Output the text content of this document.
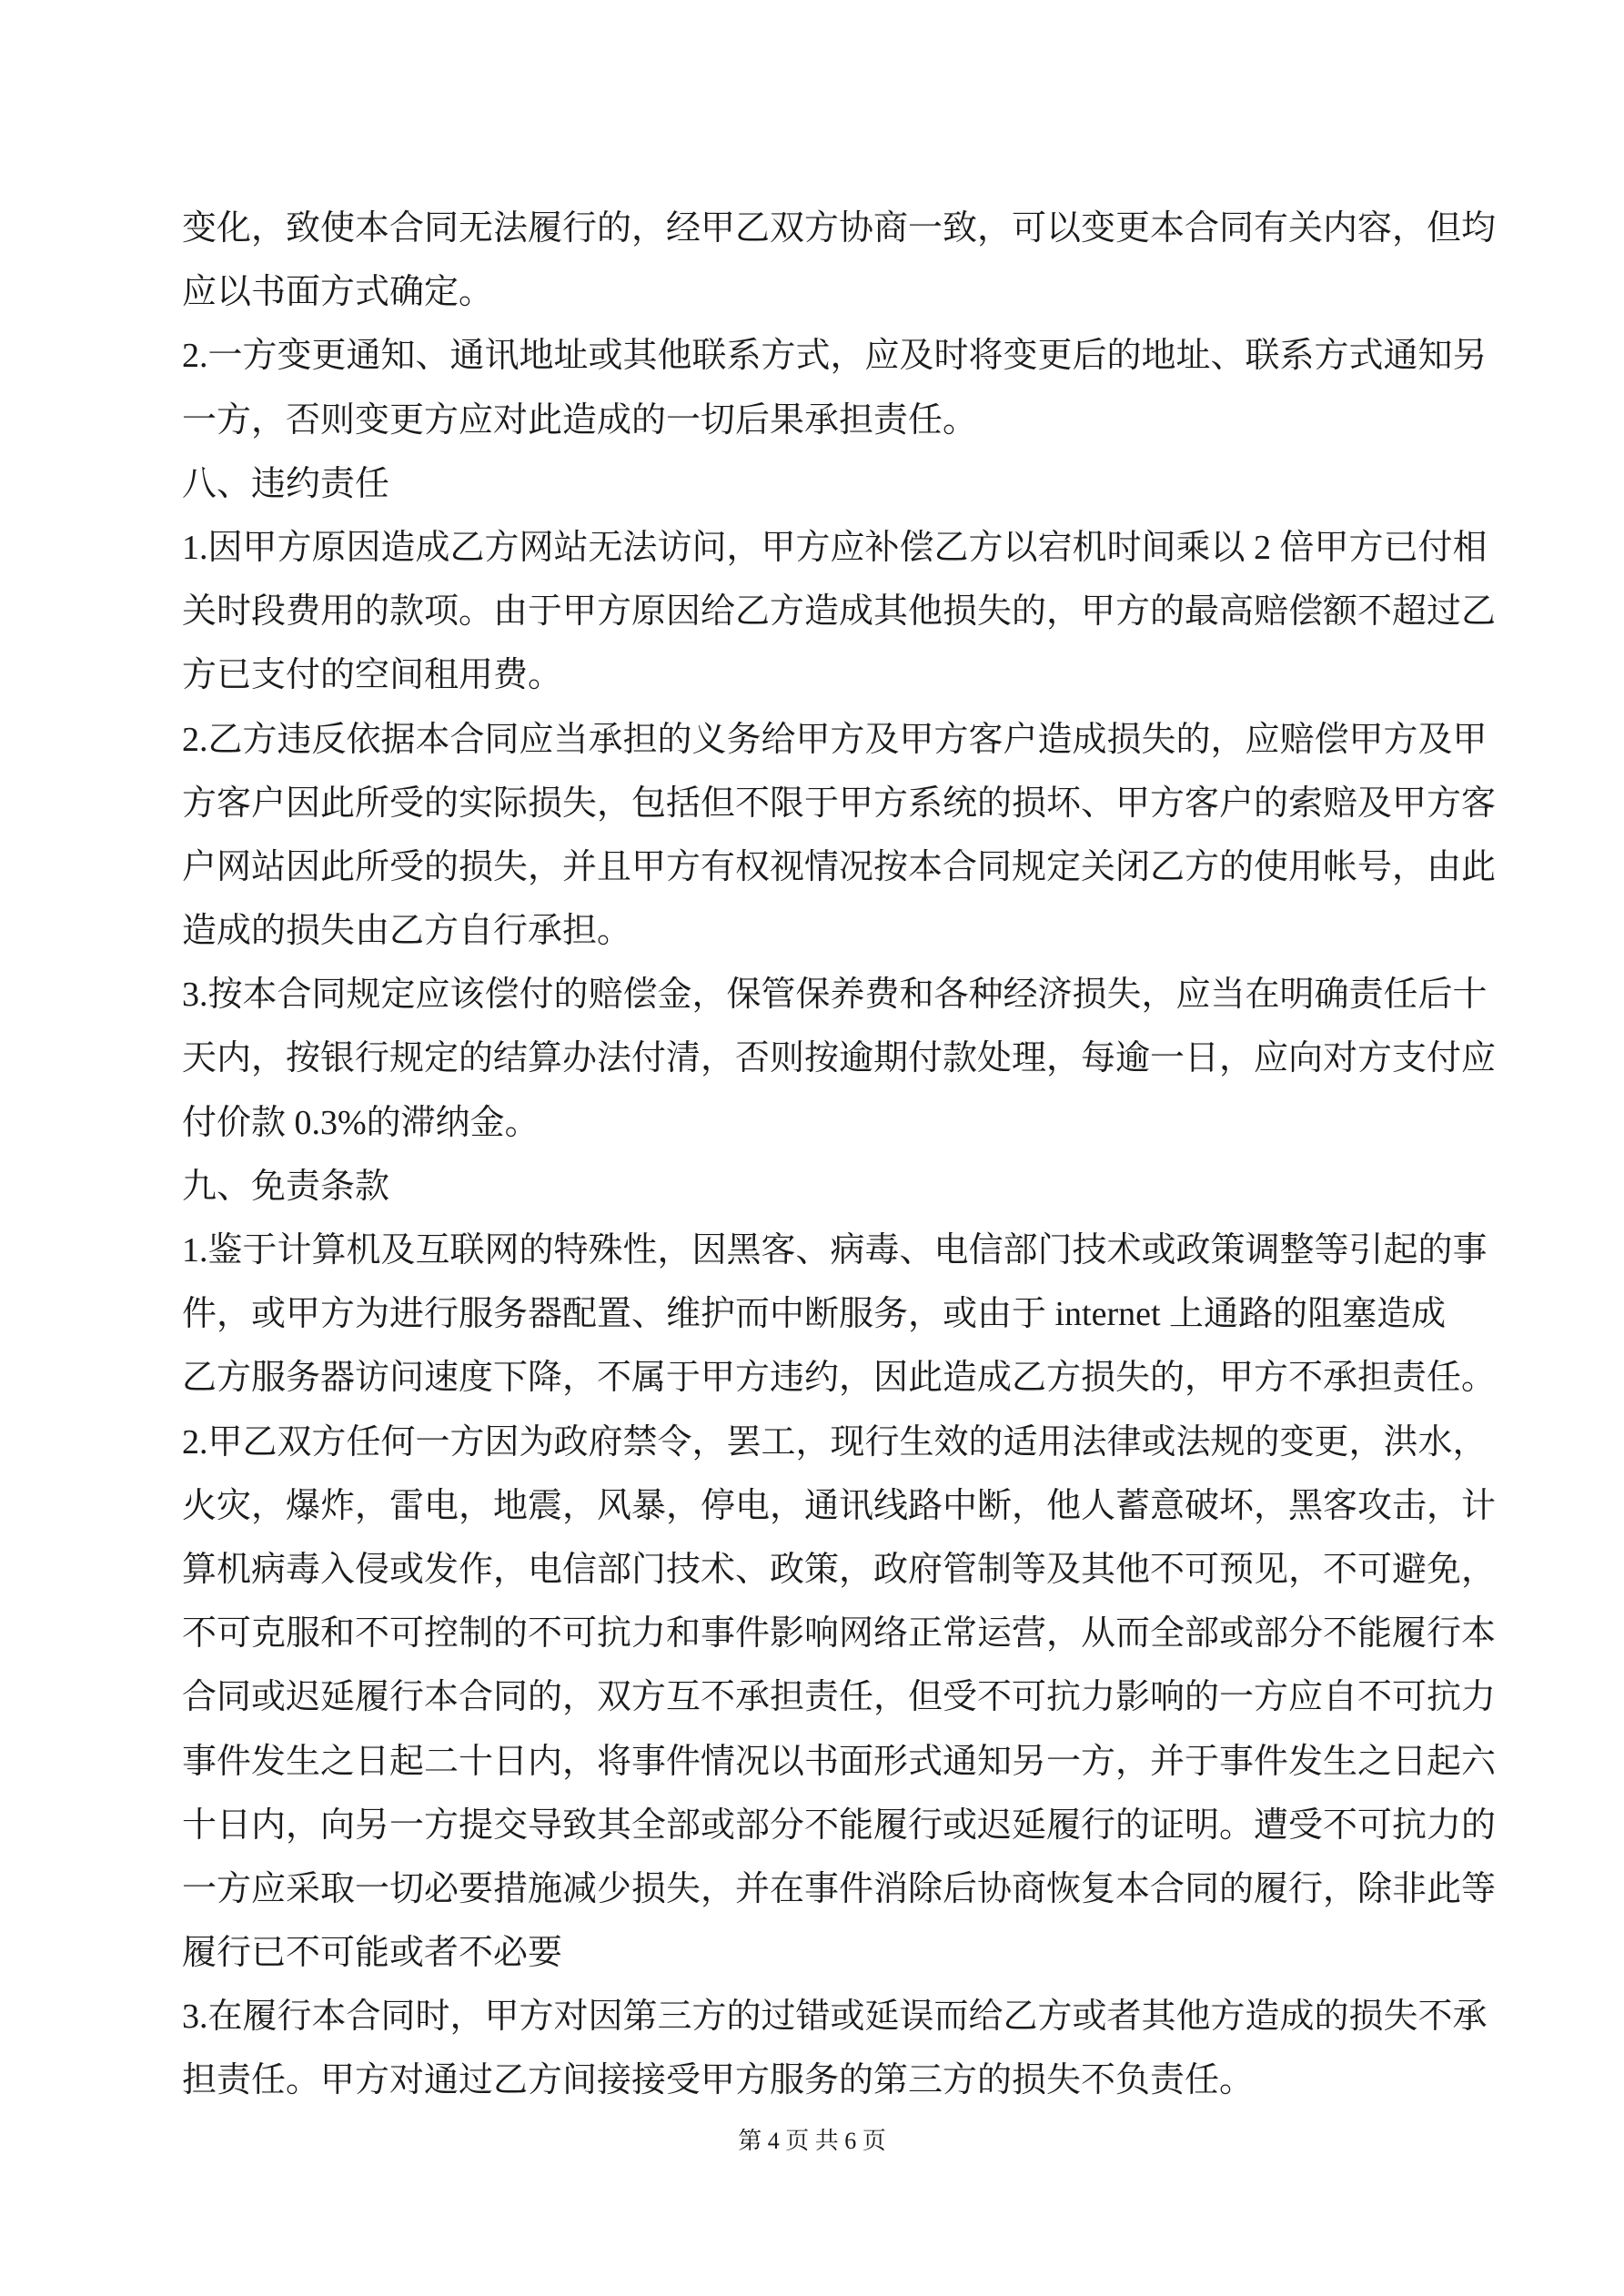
变化，致使本合同无法履行的，经甲乙双方协商一致，可以变更本合同有关内容，但均
应以书面方式确定。
2.一方变更通知、通讯地址或其他联系方式，应及时将变更后的地址、联系方式通知另
一方，否则变更方应对此造成的一切后果承担责任。
八、违约责任
1.因甲方原因造成乙方网站无法访问，甲方应补偿乙方以宕机时间乘以 2 倍甲方已付相
关时段费用的款项。由于甲方原因给乙方造成其他损失的，甲方的最高赔偿额不超过乙
方已支付的空间租用费。
2.乙方违反依据本合同应当承担的义务给甲方及甲方客户造成损失的，应赔偿甲方及甲
方客户因此所受的实际损失，包括但不限于甲方系统的损坏、甲方客户的索赔及甲方客
户网站因此所受的损失，并且甲方有权视情况按本合同规定关闭乙方的使用帐号，由此
造成的损失由乙方自行承担。
3.按本合同规定应该偿付的赔偿金，保管保养费和各种经济损失，应当在明确责任后十
天内，按银行规定的结算办法付清，否则按逾期付款处理，每逾一日，应向对方支付应
付价款 0.3%的滞纳金。
九、免责条款
1.鉴于计算机及互联网的特殊性，因黑客、病毒、电信部门技术或政策调整等引起的事
件，或甲方为进行服务器配置、维护而中断服务，或由于 internet 上通路的阻塞造成
乙方服务器访问速度下降，不属于甲方违约，因此造成乙方损失的，甲方不承担责任。
2.甲乙双方任何一方因为政府禁令，罢工，现行生效的适用法律或法规的变更，洪水，
火灾，爆炸，雷电，地震，风暴，停电，通讯线路中断，他人蓄意破坏，黑客攻击，计
算机病毒入侵或发作，电信部门技术、政策，政府管制等及其他不可预见，不可避免，
不可克服和不可控制的不可抗力和事件影响网络正常运营，从而全部或部分不能履行本
合同或迟延履行本合同的，双方互不承担责任，但受不可抗力影响的一方应自不可抗力
事件发生之日起二十日内，将事件情况以书面形式通知另一方，并于事件发生之日起六
十日内，向另一方提交导致其全部或部分不能履行或迟延履行的证明。遭受不可抗力的
一方应采取一切必要措施减少损失，并在事件消除后协商恢复本合同的履行，除非此等
履行已不可能或者不必要
3.在履行本合同时，甲方对因第三方的过错或延误而给乙方或者其他方造成的损失不承
担责任。甲方对通过乙方间接接受甲方服务的第三方的损失不负责任。
第 4 页 共 6 页
